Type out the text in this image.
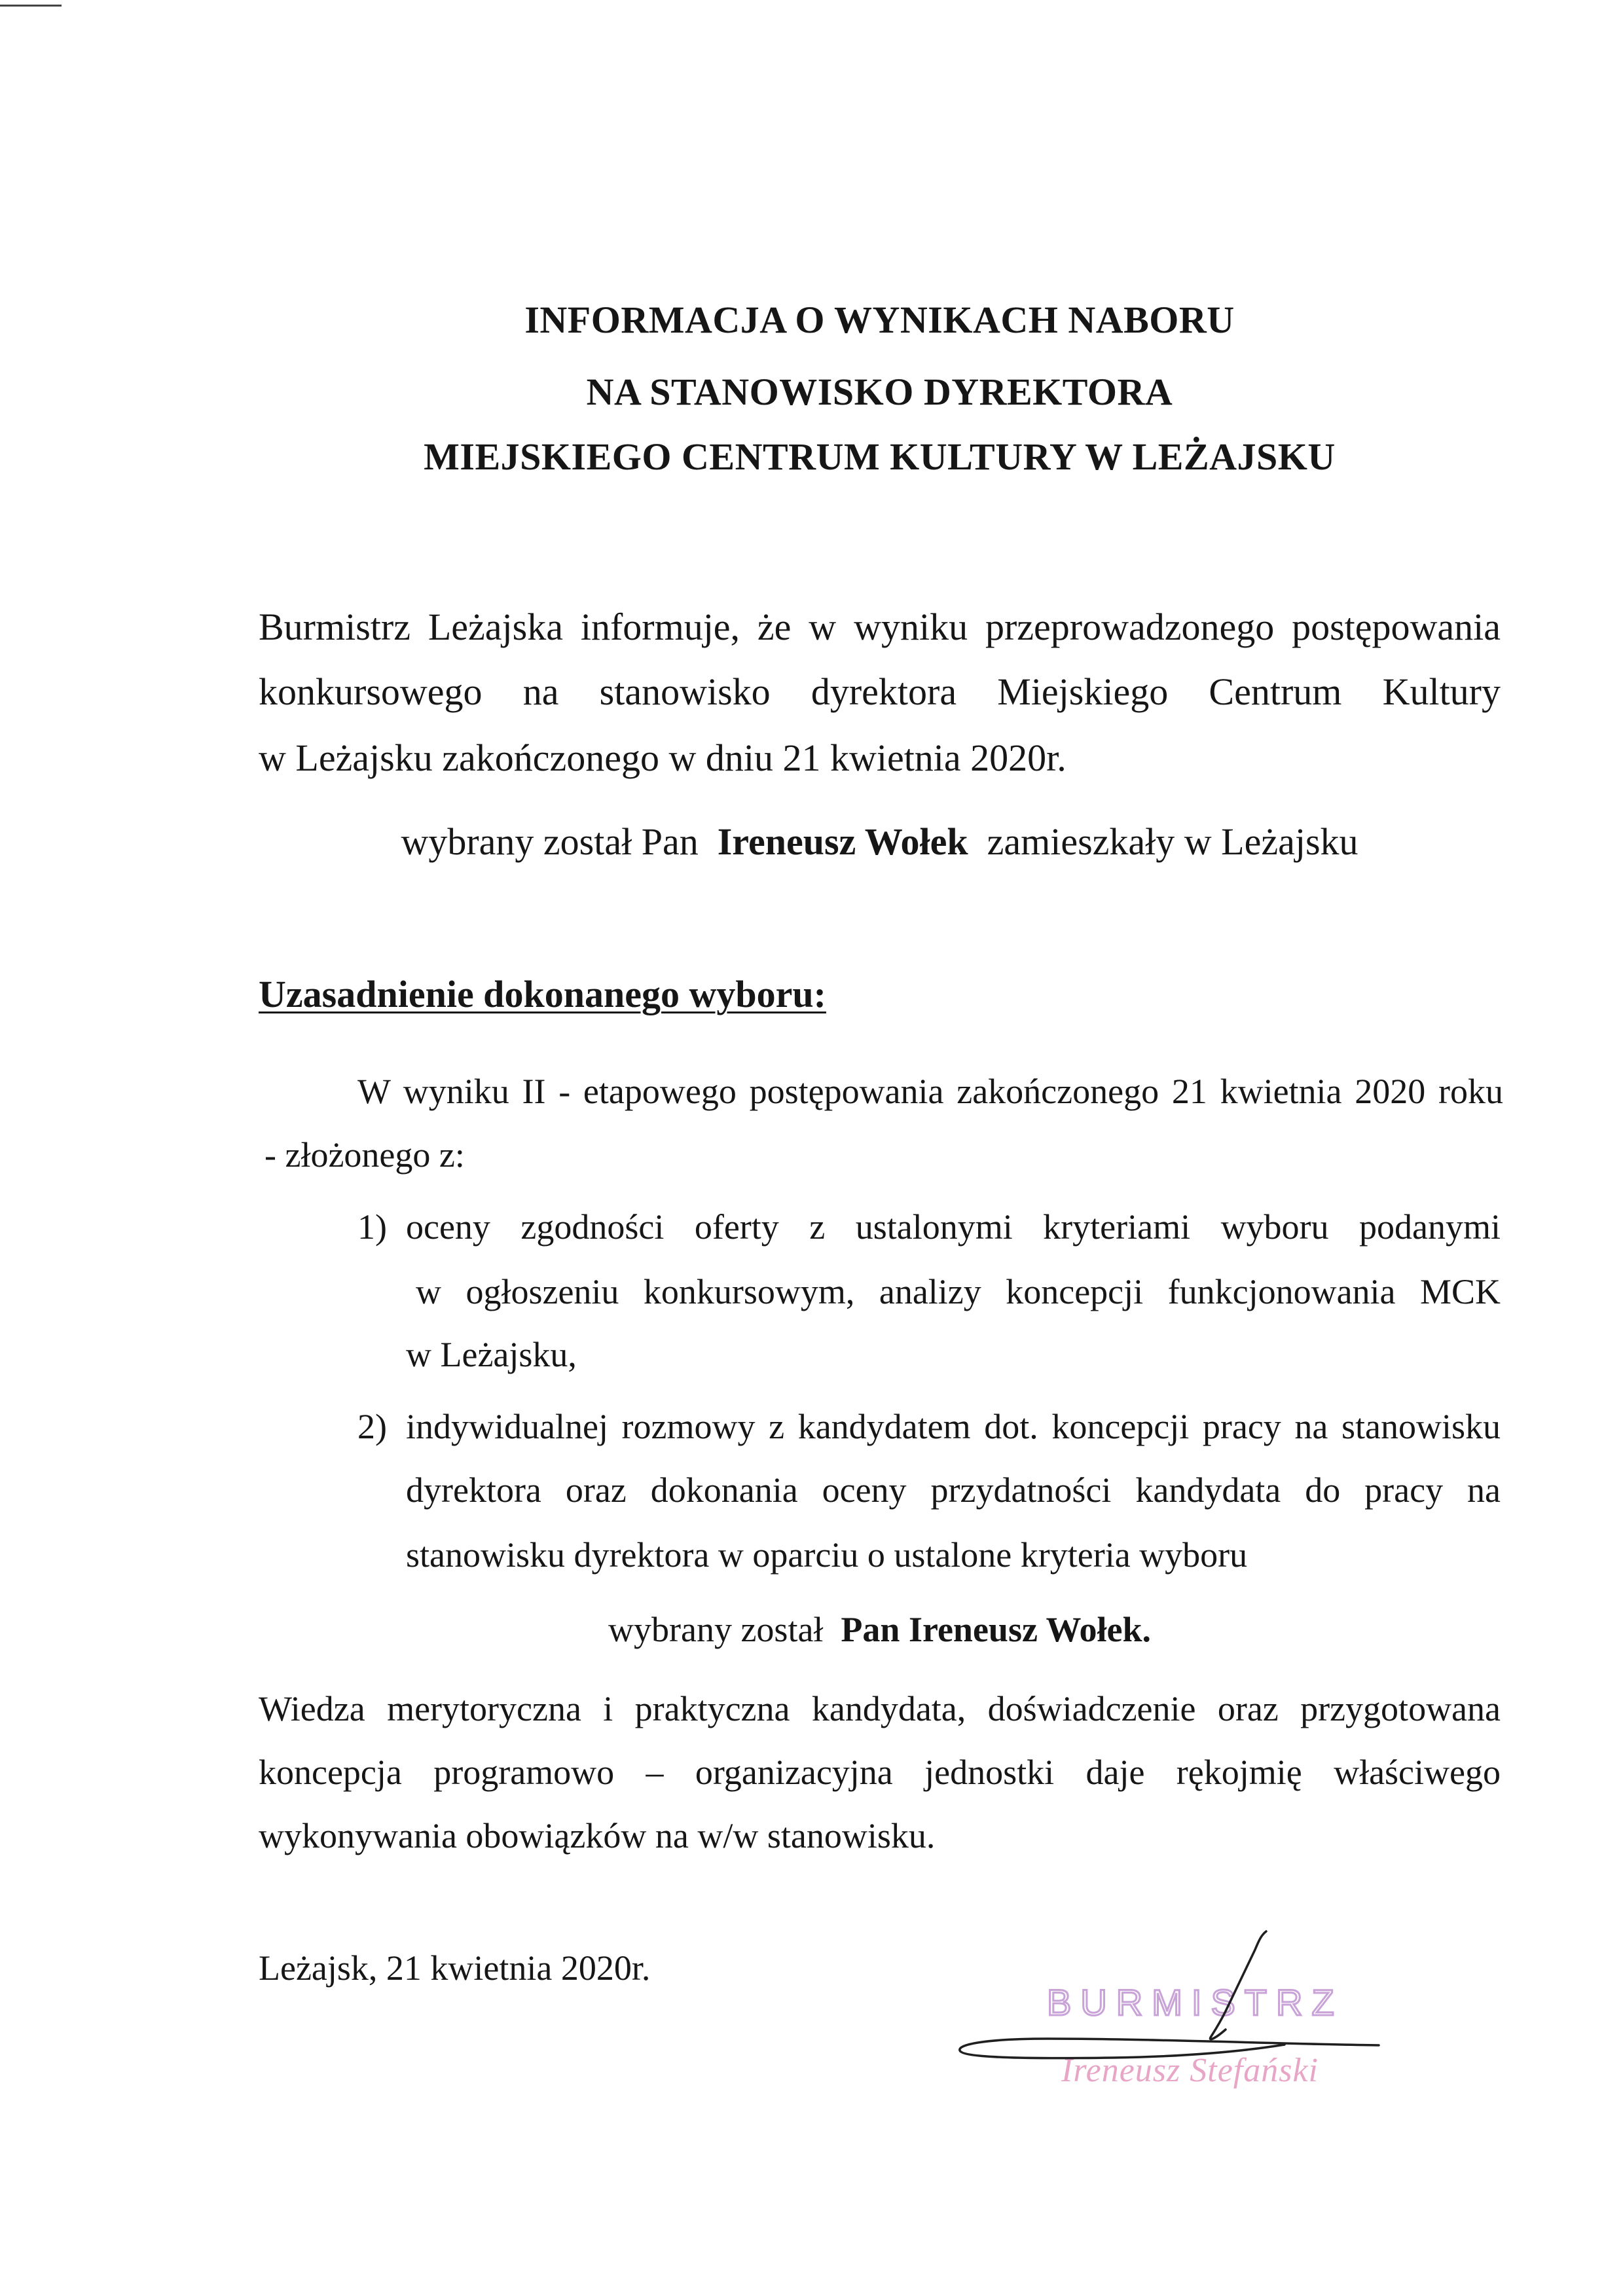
INFORMACJA O WYNIKACH NABORU
NA STANOWISKO DYREKTORA
MIEJSKIEGO CENTRUM KULTURY W LEŻAJSKU
Burmistrz Leżajska informuje, że w wyniku przeprowadzonego postępowania
konkursowego na stanowisko dyrektora Miejskiego Centrum Kultury
w Leżajsku zakończonego w dniu 21 kwietnia 2020r.
wybrany został Pan Ireneusz Wołek zamieszkały w Leżajsku
Uzasadnienie dokonanego wyboru:
W wyniku II - etapowego postępowania zakończonego 21 kwietnia 2020 roku
- złożonego z:
1) oceny zgodności oferty z ustalonymi kryteriami wyboru podanymi
w ogłoszeniu konkursowym, analizy koncepcji funkcjonowania MCK
w Leżajsku,
2) indywidualnej rozmowy z kandydatem dot. koncepcji pracy na stanowisku
dyrektora oraz dokonania oceny przydatności kandydata do pracy na
stanowisku dyrektora w oparciu o ustalone kryteria wyboru
wybrany został Pan Ireneusz Wołek.
Wiedza merytoryczna i praktyczna kandydata, doświadczenie oraz przygotowana
koncepcja programowo – organizacyjna jednostki daje rękojmię właściwego
wykonywania obowiązków na w/w stanowisku.
Leżajsk, 21 kwietnia 2020r.
BURMISTRZ
Ireneusz Stefański
